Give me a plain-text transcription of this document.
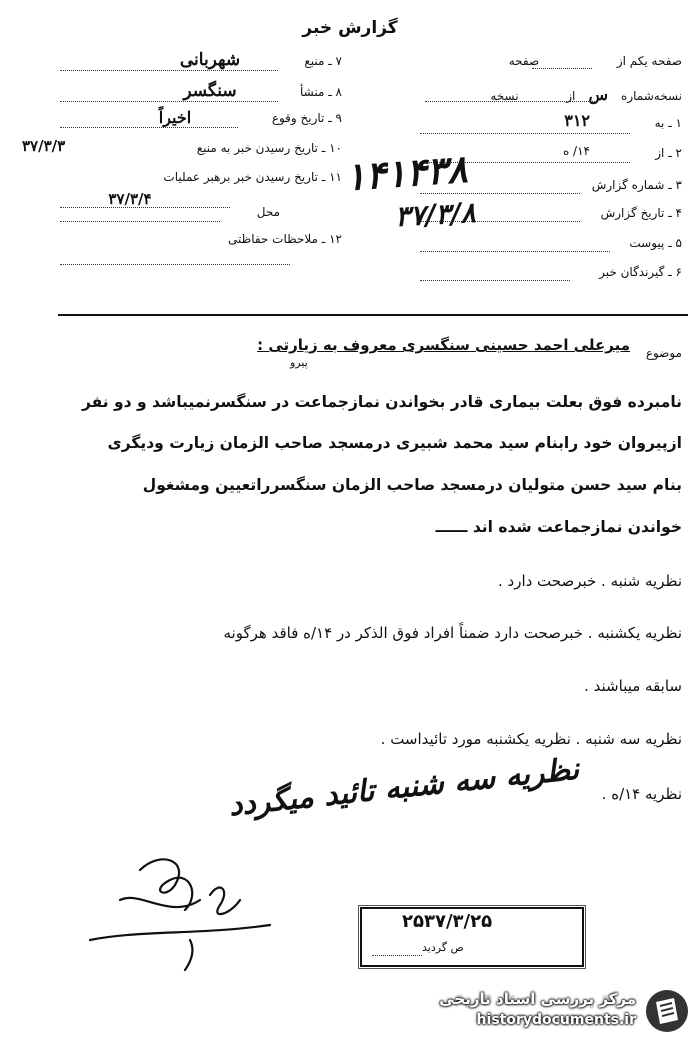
گزارش خبر
صفحه یکم از  صفحه
نسخه‌شماره س از  نسخه
۱ ـ به
۳۱۲
۲ ـ از
۱۴/ ه
۳ ـ شماره گزارش
۴ ـ تاریخ گزارش
۵ ـ پیوست
۶ ـ گیرندگان خبر
۷ ـ منبع
شهربانی
۸ ـ منشأ
سنگسر
۹ ـ تاریخ وقوع
اخیراً
۱۰ ـ تاریخ رسیدن خبر به منبع
۳۷/۳/۳
۱۱ ـ تاریخ رسیدن خبر برهبر عملیات
۳۷/۳/۴
محل
۱۲ ـ ملاحظات حفاظتی
۱۴۱۴۳۸
۳۷/۳/۸
موضوع
میرعلی احمد حسینی سنگسری معروف به زیارتی :
پیرو
نامبرده فوق بعلت بیماری قادر بخواندن نمازجماعت در سنگسرنمیباشد و دو نفر
ازپیروان خود رابنام سید محمد شبیری درمسجد صاحب الزمان زیارت ودیگری
بنام سید حسن متولیان درمسجد صاحب الزمان سنگسرراتعیین ومشغول
خواندن نمازجماعت شده اند ــــــ
نظریه شنبه . خبرصحت دارد .
نظریه یکشنبه . خبرصحت دارد ضمناً افراد فوق الذکر در ۱۴/ه فاقد هرگونه
سابقه میباشند .
نظریه سه شنبه . نظریه یکشنبه مورد تائیداست .
نظریه ۱۴/ه .
نظریه سه شنبه تائید میگردد
۲۵۳۷/۳/۲۵
ص گردید
مرکز بررسی اسناد تاریخی
historydocuments.ir
